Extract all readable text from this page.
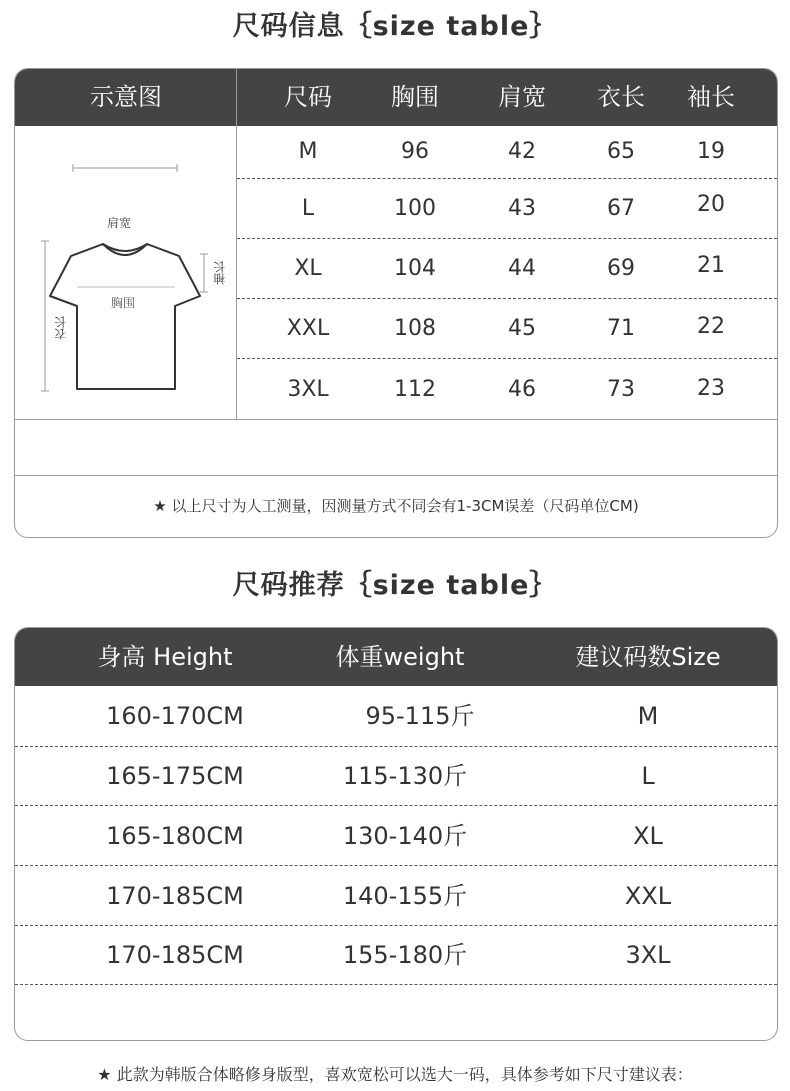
尺码信息｛size table｝
示意图	尺码	胸围	肩宽	衣长	袖长
肩宽
胸围
袖长
衣长
M	96	42	65	19
L	100	43	67	20
XL	104	44	69	21
XXL	108	45	71	22
3XL	112	46	73	23
★ 以上尺寸为人工测量，因测量方式不同会有1-3CM误差（尺码单位CM)
尺码推荐｛size table｝
身高 Height	体重weight	建议码数Size
160-170CM	95-115斤	M
165-175CM	115-130斤	L
165-180CM	130-140斤	XL
170-185CM	140-155斤	XXL
170-185CM	155-180斤	3XL
★ 此款为韩版合体略修身版型，喜欢宽松可以选大一码，具体参考如下尺寸建议表：
